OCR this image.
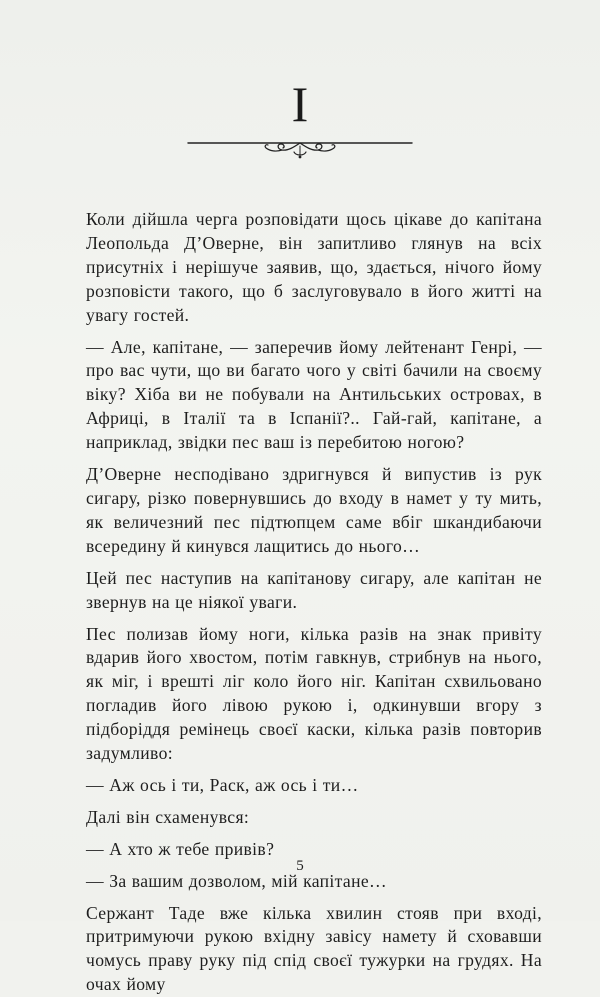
I

Коли дійшла черга розповідати щось цікаве до капітана Леопольда Д’Оверне, він запитливо глянув на всіх присутніх і нерішуче заявив, що, здається, нічого йому розповісти такого, що б заслуговувало в його житті на увагу гостей.

— Але, капітане, — заперечив йому лейтенант Генрі, — про вас чути, що ви багато чого у світі бачили на своєму віку? Хіба ви не побували на Антильських островах, в Африці, в Італії та в Іспанії?.. Гай-гай, капітане, а наприклад, звідки пес ваш із перебитою ногою?

Д’Оверне несподівано здригнувся й випустив із рук сигару, різко повернувшись до входу в намет у ту мить, як величезний пес підтюпцем саме вбіг шкандибаючи всередину й кинувся лащитись до нього…

Цей пес наступив на капітанову сигару, але капітан не звернув на це ніякої уваги.

Пес полизав йому ноги, кілька разів на знак привіту вдарив його хвостом, потім гавкнув, стрибнув на нього, як міг, і врешті ліг коло його ніг. Капітан схвильовано погладив його лівою рукою і, одкинувши вгору з підборіддя ремінець своєї каски, кілька разів повторив задумливо:

— Аж ось і ти, Раск, аж ось і ти…

Далі він схаменувся:

— А хто ж тебе привів?

— За вашим дозволом, мій капітане…

Сержант Таде вже кілька хвилин стояв при вході, притримуючи рукою вхідну завісу намету й сховавши чомусь праву руку під спід своєї тужурки на грудях. На очах йому

5
